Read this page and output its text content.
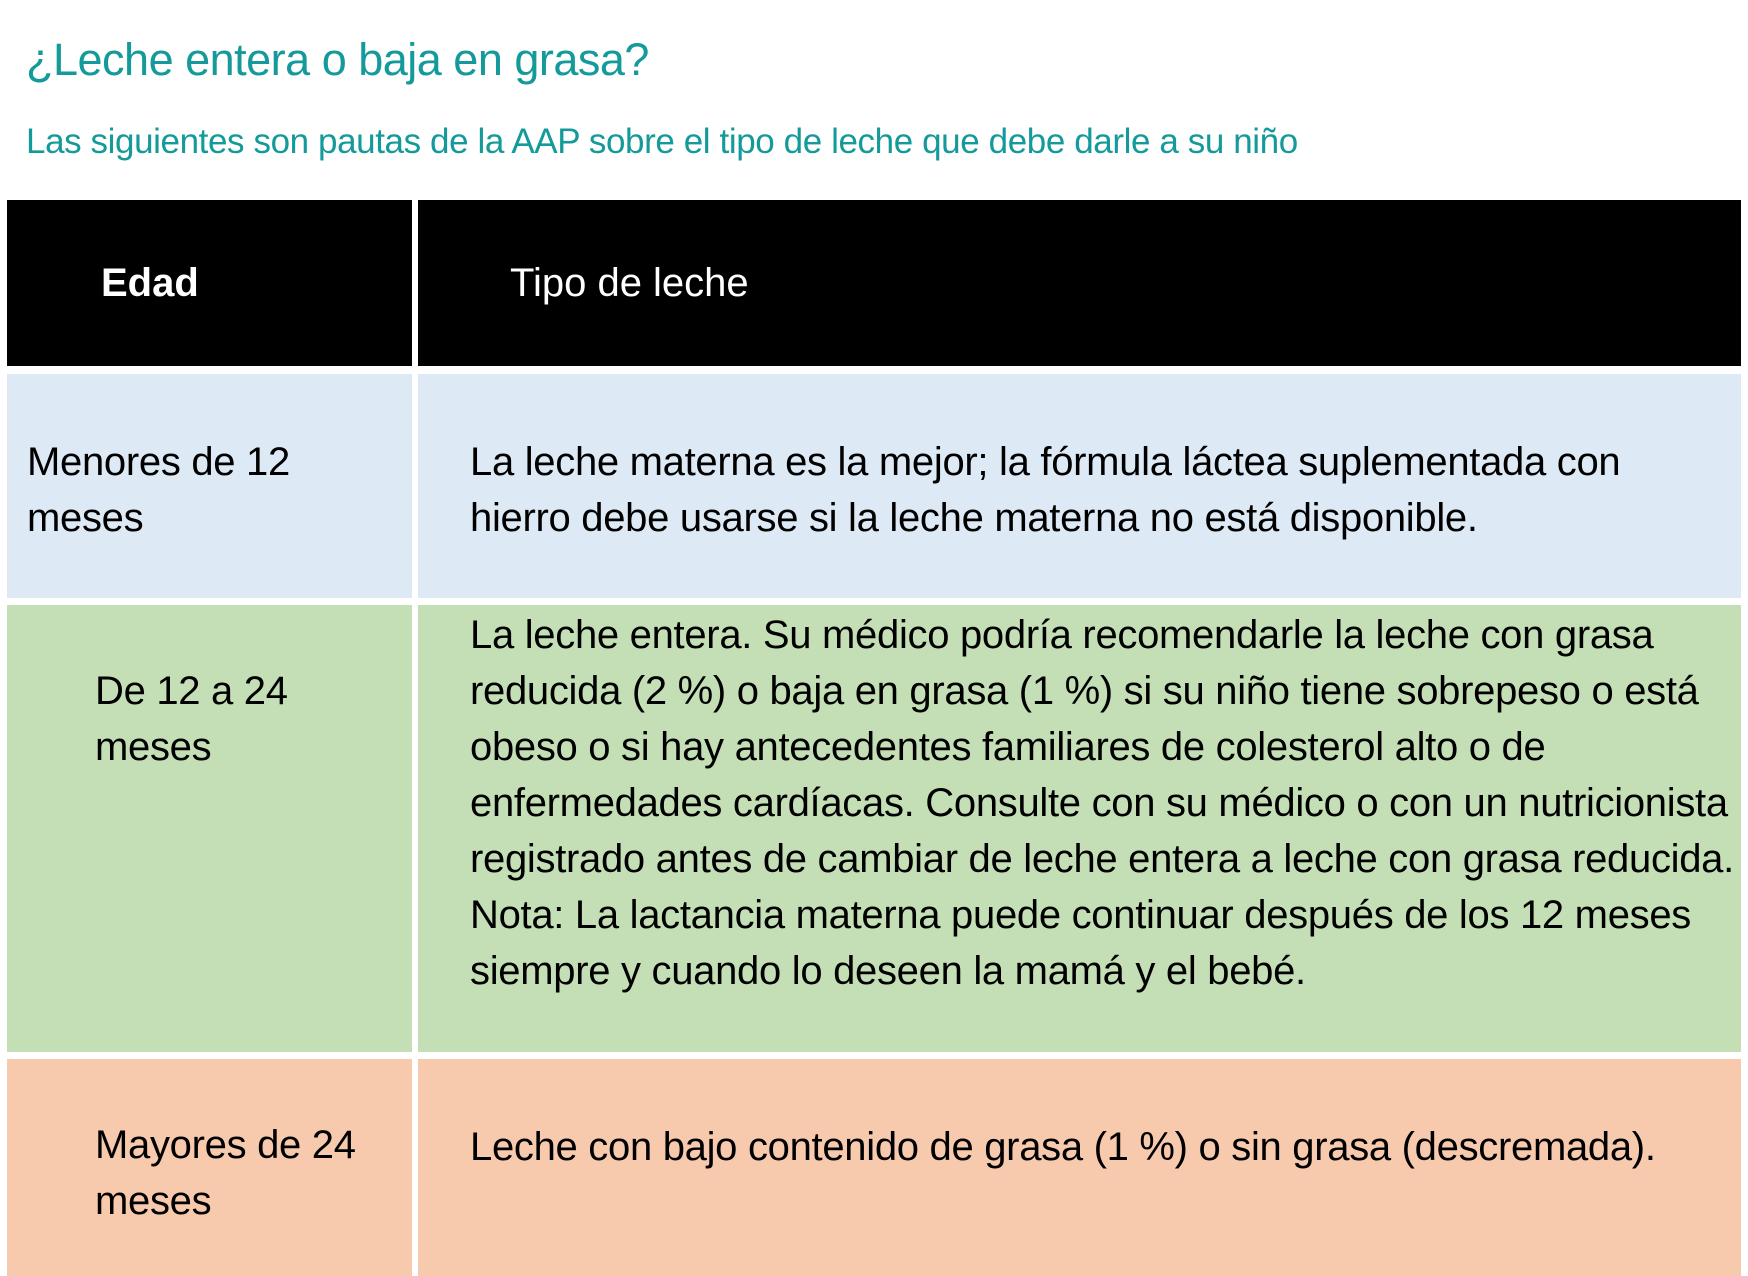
¿Leche entera o baja en grasa?
Las siguientes son pautas de la AAP sobre el tipo de leche que debe darle a su niño
Edad	Tipo de leche

Menores de 12 meses

La leche materna es la mejor; la fórmula láctea suplementada con hierro debe usarse si la leche materna no está disponible.

De 12 a 24 meses

La leche entera. Su médico podría recomendarle la leche con grasa reducida (2 %) o baja en grasa (1 %) si su niño tiene sobrepeso o está obeso o si hay antecedentes familiares de colesterol alto o de enfermedades cardíacas. Consulte con su médico o con un nutricionista registrado antes de cambiar de leche entera a leche con grasa reducida. Nota: La lactancia materna puede continuar después de los 12 meses siempre y cuando lo deseen la mamá y el bebé.

Mayores de 24 meses

Leche con bajo contenido de grasa (1 %) o sin grasa (descremada).
